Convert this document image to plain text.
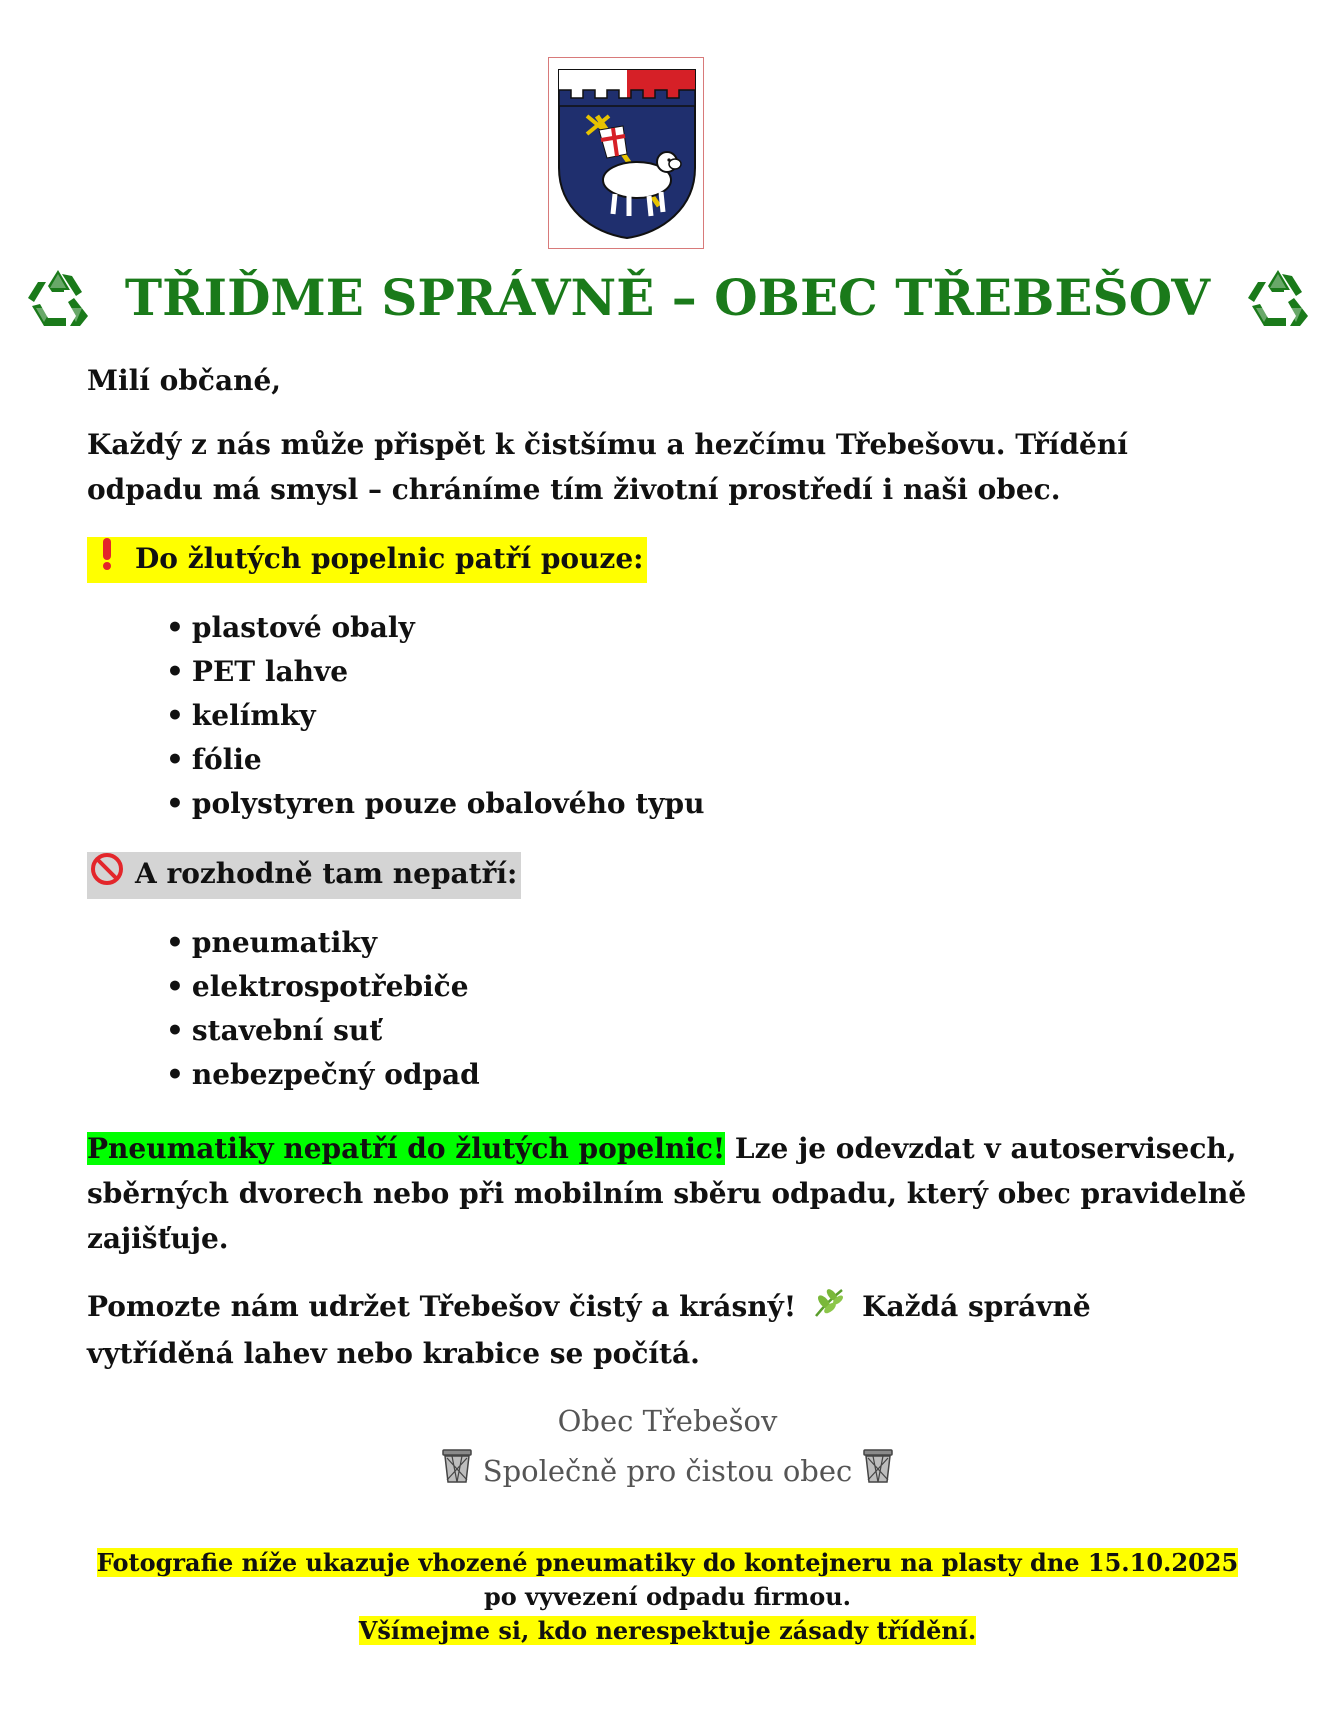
TŘIĎME SPRÁVNĚ – OBEC TŘEBEŠOV
Milí občané,
Každý z nás může přispět k čistšímu a hezčímu Třebešovu. Třídění odpadu má smysl – chráníme tím životní prostředí i naši obec.
Do žlutých popelnic patří pouze:
• plastové obaly
• PET lahve
• kelímky
• fólie
• polystyren pouze obalového typu
A rozhodně tam nepatří:
• pneumatiky
• elektrospotřebiče
• stavební suť
• nebezpečný odpad
Pneumatiky nepatří do žlutých popelnic! Lze je odevzdat v autoservisech, sběrných dvorech nebo při mobilním sběru odpadu, který obec pravidelně zajišťuje.
Pomozte nám udržet Třebešov čistý a krásný! Každá správně vytříděná lahev nebo krabice se počítá.
Obec Třebešov
Společně pro čistou obec
Fotografie níže ukazuje vhozené pneumatiky do kontejneru na plasty dne 15.10.2025
po vyvezení odpadu firmou.
Všímejme si, kdo nerespektuje zásady třídění.
